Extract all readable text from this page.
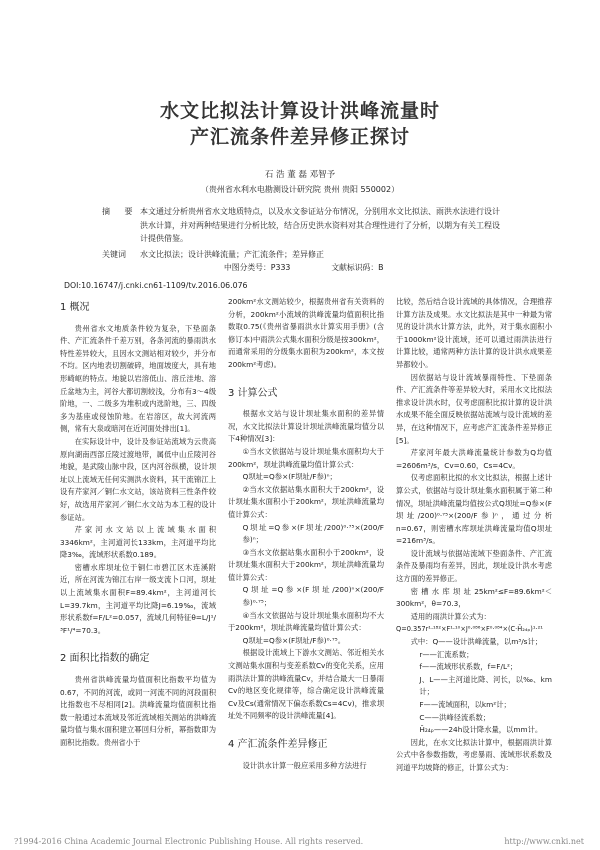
水文比拟法计算设计洪峰流量时
产汇流条件差异修正探讨
石 浩 董 磊 邓智予
（贵州省水利水电勘测设计研究院 贵州 贵阳 550002）
摘 要 本文通过分析贵州省水文地质特点，以及水文参证站分布情况，分别用水文比拟法、雨洪水法进行设计洪水计算，并对两种结果进行分析比较，结合历史洪水资料对其合理性进行了分析，以期为有关工程设计提供借鉴。
关键词	水文比拟法；设计洪峰流量；产汇流条件；差异修正
中图分类号：P333	文献标识码：B
DOI:10.16747/j.cnki.cn61-1109/tv.2016.06.076
1 概况

贵州省水文地质条件较为复杂，下垫面条件、产汇流条件千差万别，各条河流的暴雨洪水特性差异较大，且因水文测站相对较少，并分布不均。区内地表切割破碎，地面坡度大，具有地形崎岖的特点。地貌以岩溶低山、溶丘洼地、溶丘盆地为主，河谷大都切割较浅，分布有3～4级阶地，一、二级多为堆积或内选阶地，三、四级多为基座或侵蚀阶地。在岩溶区，故大河流两侧，常有大泉或暗河在近河面处排出[1]。

在实际设计中，设计及参证站流域为云贵高原向湖南西部丘陵过渡地带，属低中山丘陵河谷地貌，是武陵山脉中段，区内河谷纵横，设计坝址以上流域无任何实测洪水资料，其干流锦江上设有芹家河／铜仁水文站，该站资料三性条件较好，故选用芹家河／铜仁水文站为本工程的设计参证站。

芹家河水文站以上流域集水面积3346km²，主河道河长133km，主河道平均比降3‰，流域形状系数0.189。

密槽水库坝址位于铜仁市碧江区木连溪附近，所在河流为锦江右岸一级支流卜口河，坝址以上流域集水面积F=89.4km²，主河道河长L=39.7km，主河道平均比降J=6.19‰，流域形状系数f=F/L²=0.057，流域几何特征θ=L/J¹/³F¹/⁴=70.3。

2 面积比指数的确定

贵州省洪峰流量均值面积比指数平均值为0.67，不同的河流，或同一河流不同的河段面积比指数也不尽相同[2]。洪峰流量均值面积比指数一般通过本流域及邻近流域相关测站的洪峰流量均值与集水面积建立幂回归分析，幂指数即为面积比指数。贵州省小于

200km²水文测站较少，根据贵州省有关资料的分析，200km²小流域的洪峰流量均值面积比指数取0.75(《贵州省暴雨洪水计算实用手册》(含修订本)中雨洪公式集水面积分级是按300km²，而通常采用的分级集水面积为200km²，本文按200km²考虑)。

3 计算公式

根据水文站与设计坝址集水面积的差异情况，水文比拟法计算设计坝址洪峰流量均值分以下4种情况[3]：

①当水文依据站与设计坝址集水面积均大于200km²，坝址洪峰流量均值计算公式：

Q坝址=Q参×(F坝址/F参)ⁿ；

②当水文依据站集水面积大于200km²，设计坝址集水面积小于200km²，坝址洪峰流量均值计算公式：

Q坝址=Q参×(F坝址/200)⁰·⁷⁵×(200/F参)ⁿ；

③当水文依据站集水面积小于200km²，设计坝址集水面积大于200km²，坝址洪峰流量均值计算公式：

Q坝址=Q参×(F坝址/200)ⁿ×(200/F参)⁰·⁷⁵；

④当水文依据站与设计坝址集水面积均不大于200km²，坝址洪峰流量均值计算公式：

Q坝址=Q参×(F坝址/F参)⁰·⁷⁵。

根据设计流域上下游水文测站、邻近相关水文测站集水面积与变差系数Cv的变化关系，应用雨洪法计算的洪峰流量Cv，并结合最大一日暴雨Cv的地区变化规律等，综合确定设计洪峰流量Cv及Cs(通常情况下偏态系数Cs=4Cv)，推求坝址处不同频率的设计洪峰流量[4]。

4 产汇流条件差异修正

设计洪水计算一般应采用多种方法进行

比较，然后结合设计流域的具体情况，合理推荐计算方法及成果。水文比拟法是其中一种最为常见的设计洪水计算方法，此外，对于集水面积小于1000km²设计流域，还可以通过雨洪法进行计算比较，通常两种方法计算的设计洪水成果差异都较小。

因依据站与设计流域暴雨特性、下垫面条件、产汇流条件等差异较大时，采用水文比拟法推求设计洪水时，仅考虑面积比拟计算的设计洪水成果不能全面反映依据站流域与设计流域的差异，在这种情况下，应考虑产汇流条件差异修正[5]。

芹家河年最大洪峰流量统计参数为Q均值=2606m³/s，Cv=0.60，Cs=4Cv。

仅考虑面积比拟的水文比拟法，根据上述计算公式，依据站与设计坝址集水面积属于第二种情况，坝址洪峰流量均值按公式Q坝址=Q参×(F坝址/200)⁰·⁷⁵×(200/F参)ⁿ，通过分析n=0.67，则密槽水库坝址洪峰流量均值Q坝址=216m³/s。

设计流域与依据站流域下垫面条件、产汇流条件及暴雨均有差异，因此，坝址设计洪水考虑这方面的差异修正。

密槽水库坝址25km²≤F=89.6km²＜300km²，θ=70.3，

适用的雨洪计算公式为：

Q=0.357r¹·¹⁸²×F¹·¹⁰×J⁰·⁰⁸⁶×F⁰·⁰⁸⁴×(C·H̄₂₄ₚ)¹·²¹

式中：Q——设计洪峰流量，以m³/s计；

r——汇流系数；

f——流域形状系数，f=F/L²；

J、L——主河道比降、河长，以‰、km计；

F——流域面积，以km²计；

C——洪峰径流系数；

H̄₂₄ₚ——24h设计降水量，以mm计。

因此，在水文比拟法计算中，根据雨洪计算公式中各参数指数，考虑暴雨、流域形状系数及河道平均坡降的修正，计算公式为：

?1994-2016 China Academic Journal Electronic Publishing House. All rights reserved.	http://www.cnki.net
